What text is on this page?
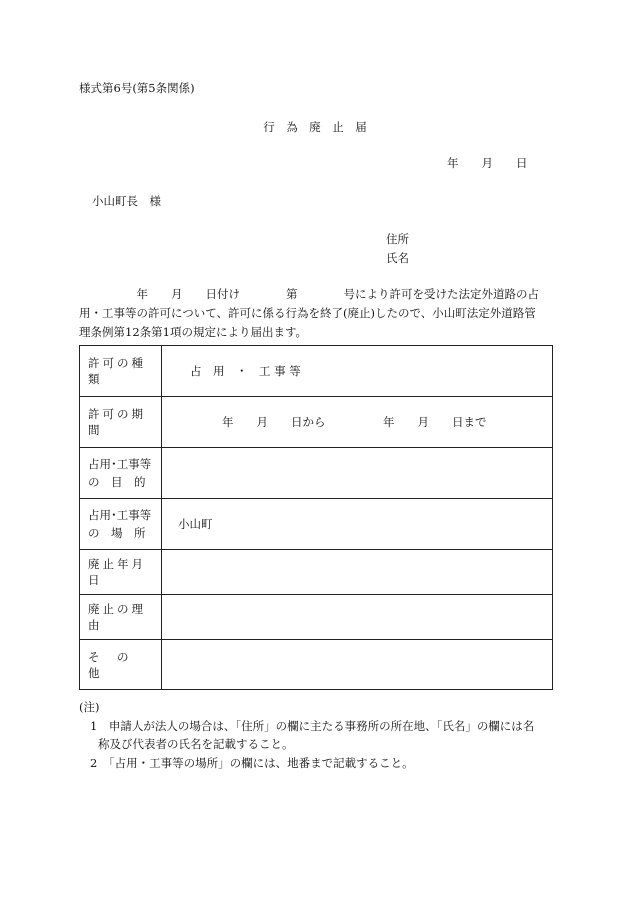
様式第6号(第5条関係)
行　為　廃　止　届
年　　月　　日
小山町長　様
住所
氏名
　　　　　年　　月　　日付け　　　　第　　　　号により許可を受けた法定外道路の占
用・工事等の許可について、許可に係る行為を終了(廃止)したので、小山町法定外道路管
理条例第12条第1項の規定により届出ます。
許可の種類	占　用　・　工 事 等
許可の期間	年　　月　　日から　　　　　年　　月　　日まで

占用･工事等
の　目　的	

占用･工事等
の　場　所	小山町
廃止年月日	
廃止の理由	
そ　の　他	
(注)
1　申請人が法人の場合は、「住所」の欄に主たる事務所の所在地、「氏名」の欄には名
称及び代表者の氏名を記載すること。
2　「占用・工事等の場所」の欄には、地番まで記載すること。
